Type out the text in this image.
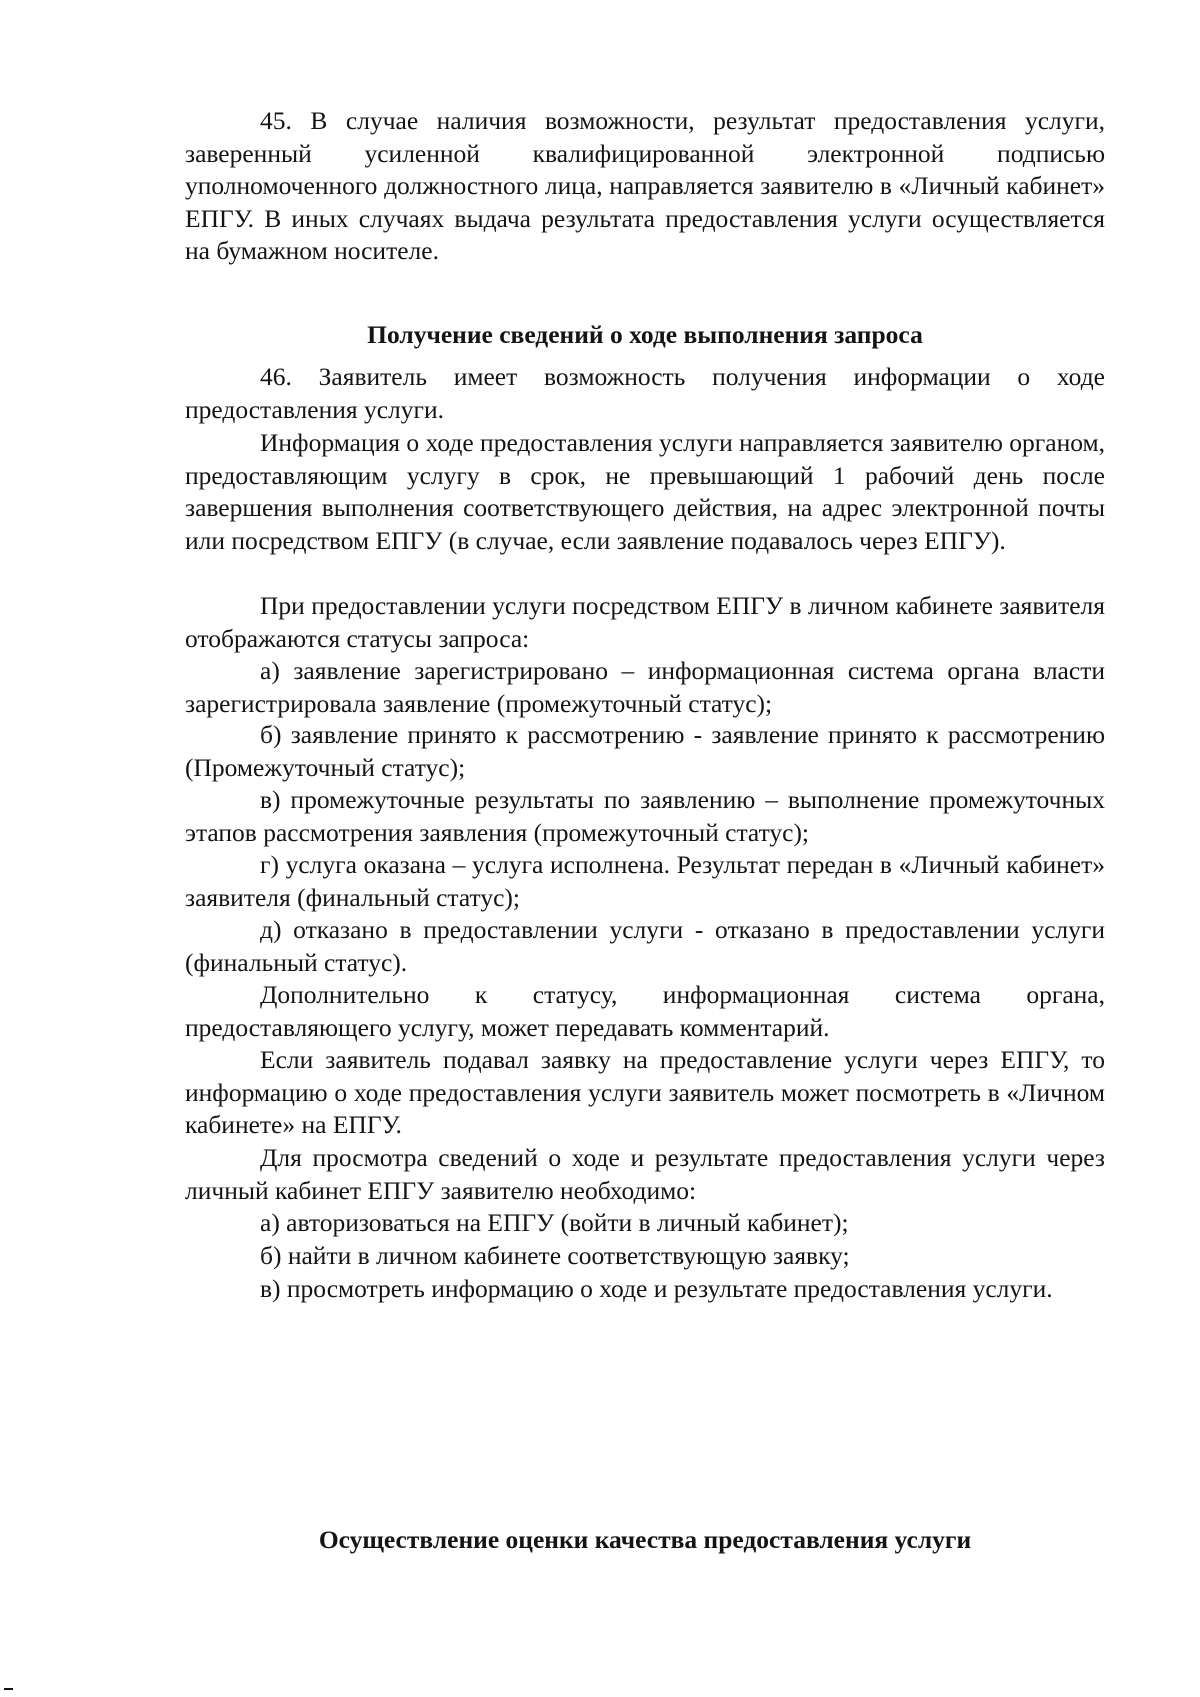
45. В случае наличия возможности, результат предоставления услуги, заверенный усиленной квалифицированной электронной подписью уполномоченного должностного лица, направляется заявителю в «Личный кабинет» ЕПГУ. В иных случаях выдача результата предоставления услуги осуществляется на бумажном носителе.

Получение сведений о ходе выполнения запроса

46. Заявитель имеет возможность получения информации о ходе предоставления услуги.

Информация о ходе предоставления услуги направляется заявителю органом, предоставляющим услугу в срок, не превышающий 1 рабочий день после завершения выполнения соответствующего действия, на адрес электронной почты или посредством ЕПГУ (в случае, если заявление подавалось через ЕПГУ).

При предоставлении услуги посредством ЕПГУ в личном кабинете заявителя отображаются статусы запроса:

а) заявление зарегистрировано – информационная система органа власти зарегистрировала заявление (промежуточный статус);

б) заявление принято к рассмотрению - заявление принято к рассмотрению (Промежуточный статус);

в) промежуточные результаты по заявлению – выполнение промежуточных этапов рассмотрения заявления (промежуточный статус);

г) услуга оказана – услуга исполнена. Результат передан в «Личный кабинет» заявителя (финальный статус);

д) отказано в предоставлении услуги - отказано в предоставлении услуги (финальный статус).

Дополнительно к статусу, информационная система органа, предоставляющего услугу, может передавать комментарий.

Если заявитель подавал заявку на предоставление услуги через ЕПГУ, то информацию о ходе предоставления услуги заявитель может посмотреть в «Личном кабинете» на ЕПГУ.

Для просмотра сведений о ходе и результате предоставления услуги через личный кабинет ЕПГУ заявителю необходимо:

а) авторизоваться на ЕПГУ (войти в личный кабинет);

б) найти в личном кабинете соответствующую заявку;

в) просмотреть информацию о ходе и результате предоставления услуги.

Осуществление оценки качества предоставления услуги
